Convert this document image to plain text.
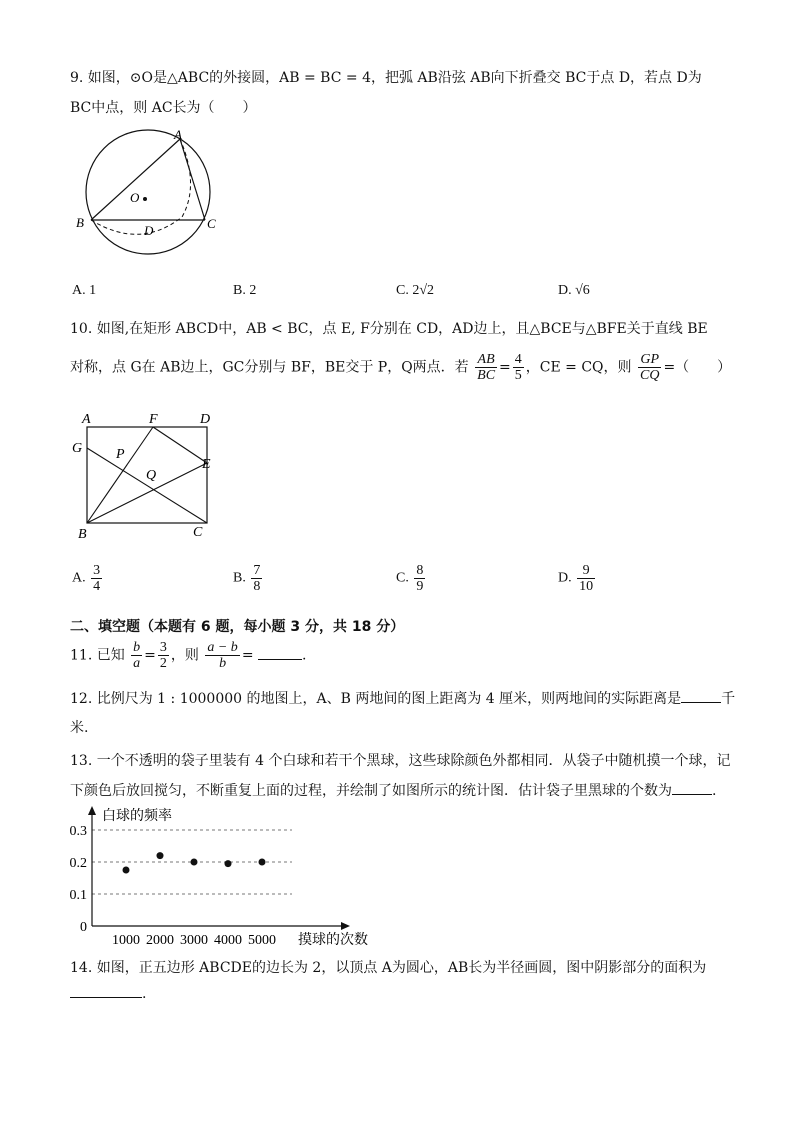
9. 如图，⊙O是△ABC的外接圆，AB = BC = 4，把弧 AB沿弦 AB向下折叠交 BC于点 D，若点 D为
BC中点，则 AC长为（　　）
A
B	C
D
O
A. 1	B. 2	C. 2√2	D. √6
10. 如图,在矩形 ABCD中，AB < BC，点 E, F分别在 CD，AD边上，且△BCE与△BFE关于直线 BE
对称，点 G在 AB边上，GC分别与 BF，BE交于 P，Q两点．若 $\frac{AB}{BC} = \frac{4}{5}$ ，CE = CQ，则 $\frac{GP}{CQ}$ =（　　）
A	F	D
G P
E
Q
B	C
A. $\frac{3}{4}$	B. $\frac{7}{8}$	C. $\frac{8}{9}$	D. $\frac{9}{10}$
二、填空题（本题有 6 题，每小题 3 分，共 18 分）
11. 已知 $\frac{b}{a} = \frac{3}{2}$ ，则 $\frac{a - b}{b}$ =	.
12. 比例尺为 1 : 1000000 的地图上，A、B 两地间的图上距离为 4 厘米，则两地间的实际距离是	千
米.
13. 一个不透明的袋子里装有 4 个白球和若干个黑球，这些球除颜色外都相同．从袋子中随机摸一个球，记
下颜色后放回搅匀，不断重复上面的过程，并绘制了如图所示的统计图．估计袋子里黑球的个数为	.
白球的频率
摸球的次数
0
0.1
0.2
0.3
1000 2000 3000 4000 5000
14. 如图，正五边形 ABCDE的边长为 2，以顶点 A为圆心，AB长为半径画圆，图中阴影部分的面积为
.
